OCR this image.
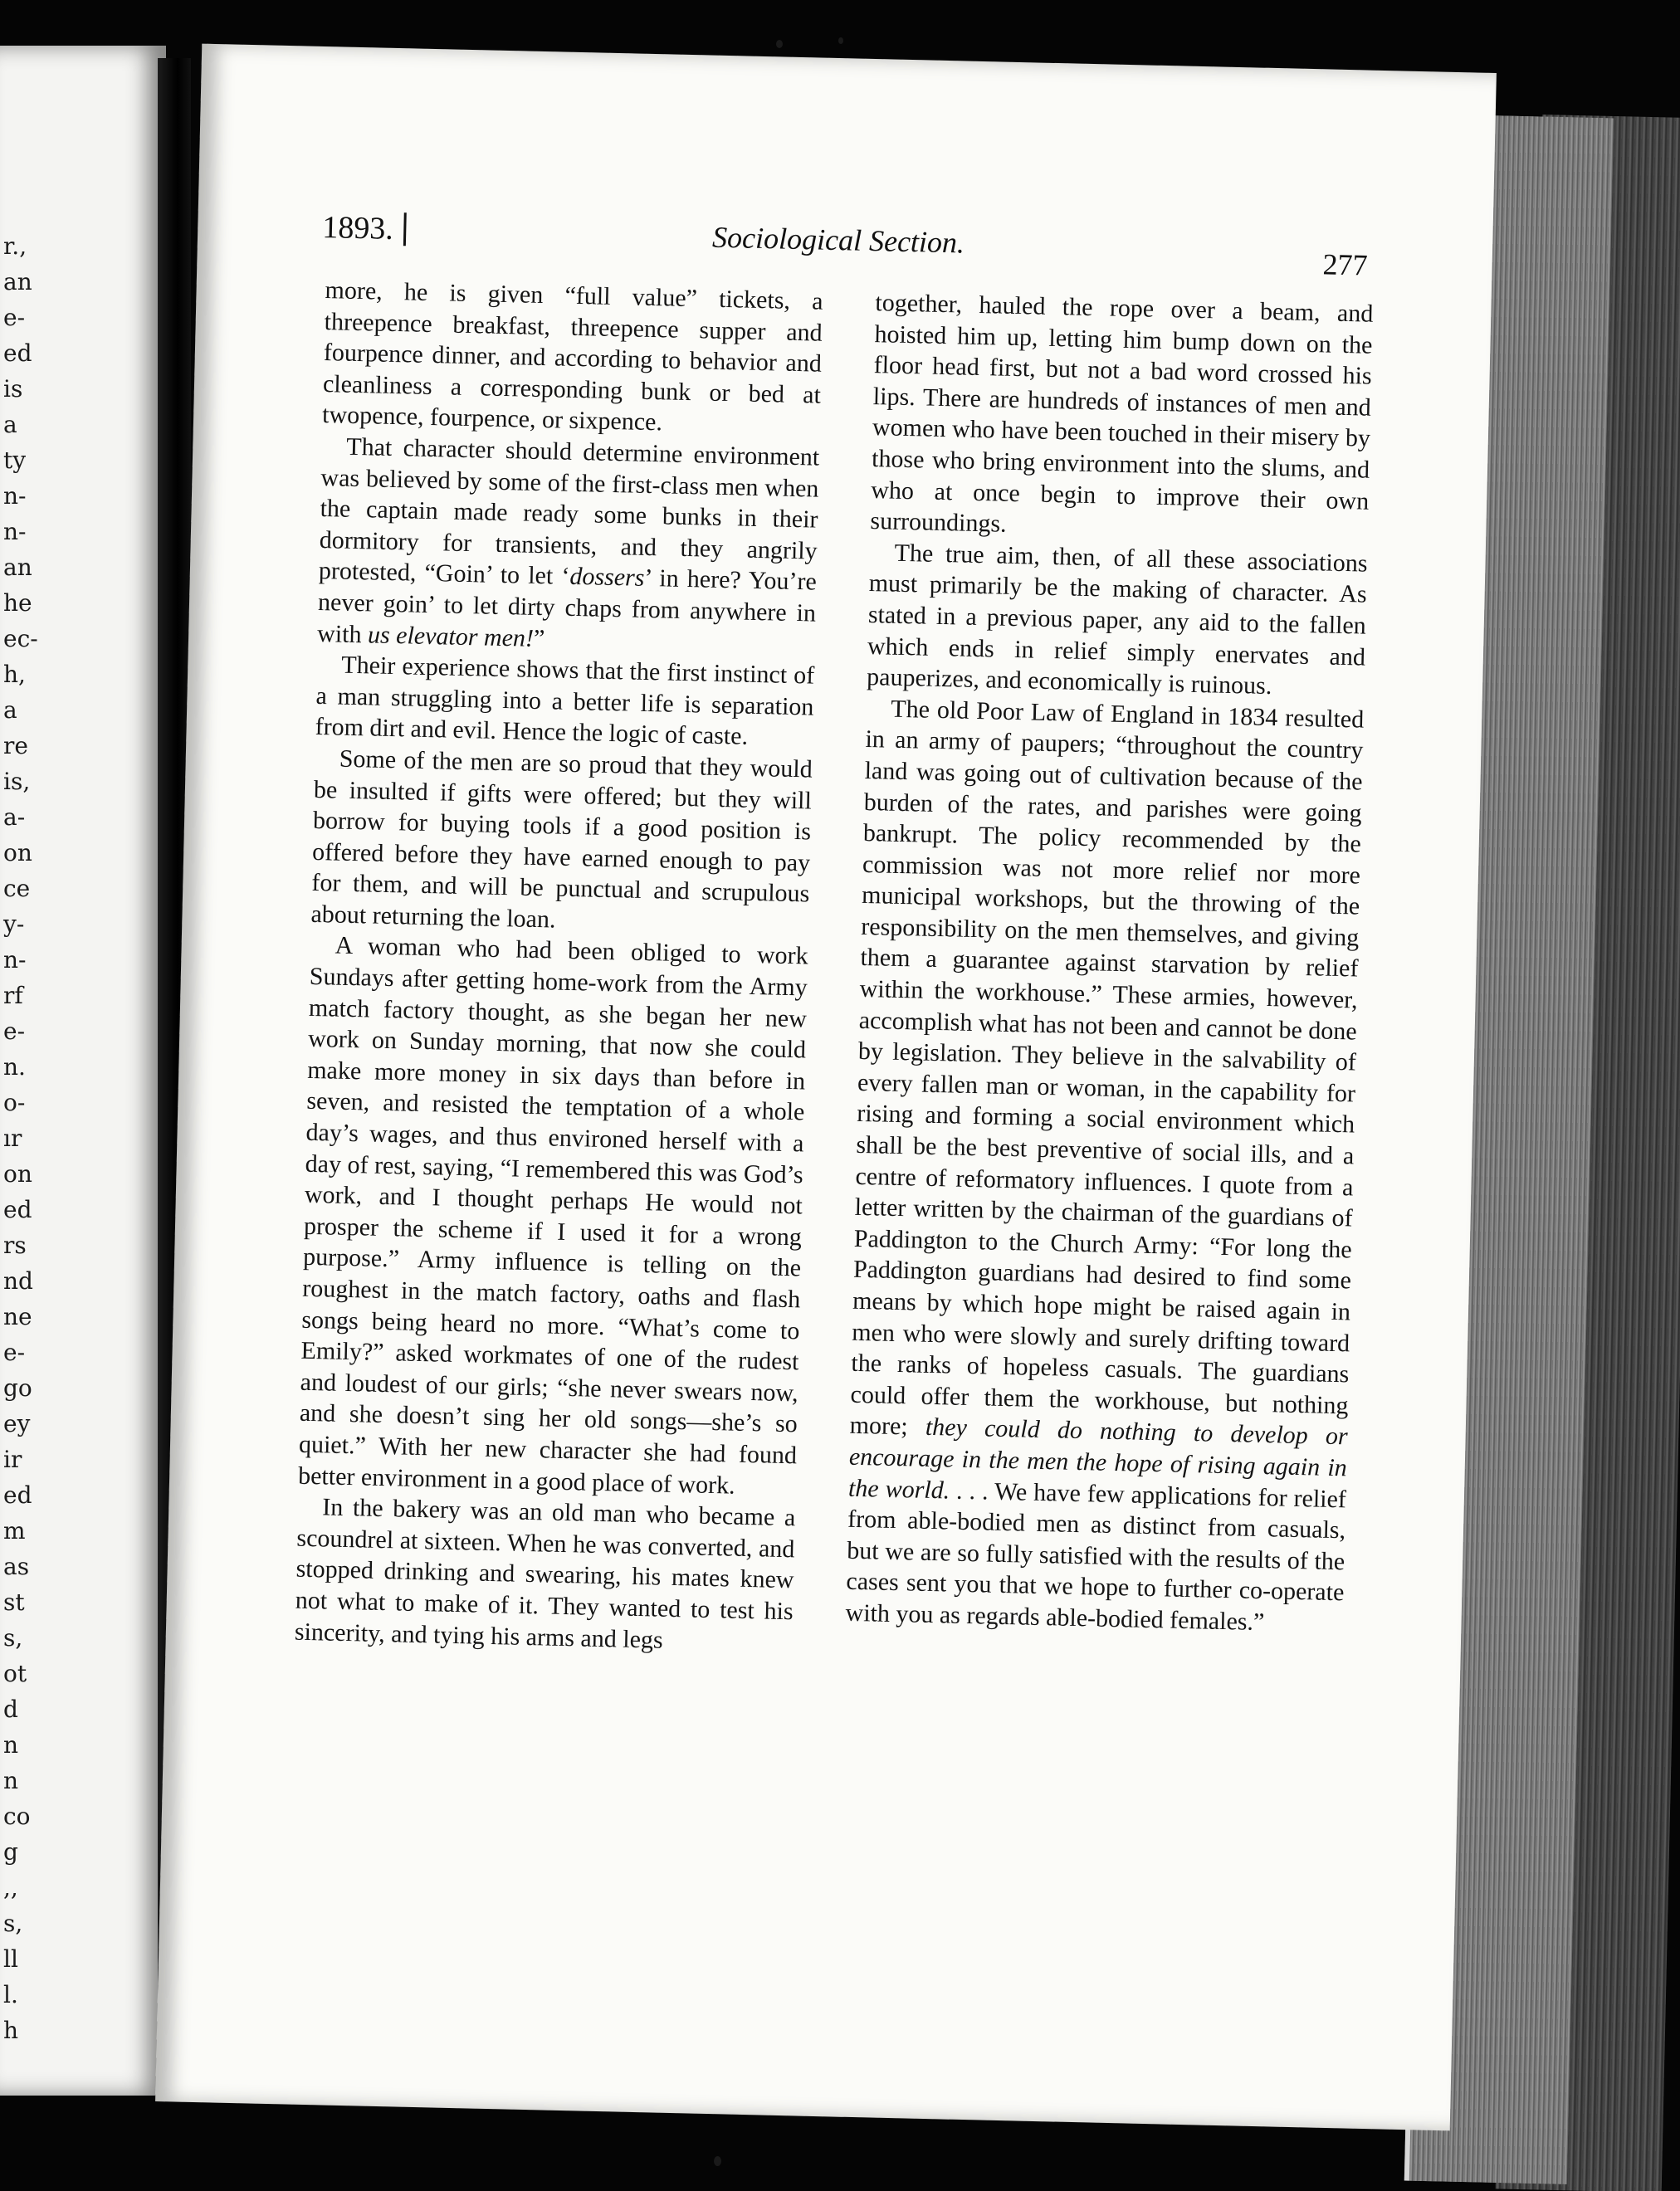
r.,
an
e-
ed
is
a
ty
n-
n-
an
he
ec-
h,
a
re
is,
a-
on
ce
y-
n-
rf
e-
n.
o-
ır
on
ed
rs
nd
ne
e-
go
ey
ir
ed
m
as
st
s,
ot
d
n
n
co
g
,,
s,
ll
l.
h
1893.	Sociological Section.
277

more, he is given “full value” tickets, a threepence breakfast, threepence supper and fourpence dinner, and according to behavior and cleanliness a corresponding bunk or bed at twopence, fourpence, or sixpence.

That character should determine environment was believed by some of the first-class men when the captain made ready some bunks in their dormitory for transients, and they angrily protested, “Goin’ to let ‘dossers’ in here? You’re never goin’ to let dirty chaps from anywhere in with us elevator men!”

Their experience shows that the first instinct of a man struggling into a better life is separation from dirt and evil. Hence the logic of caste.

Some of the men are so proud that they would be insulted if gifts were offered; but they will borrow for buying tools if a good position is offered before they have earned enough to pay for them, and will be punctual and scrupulous about returning the loan.

A woman who had been obliged to work Sundays after getting home-work from the Army match factory thought, as she began her new work on Sunday morning, that now she could make more money in six days than before in seven, and resisted the temptation of a whole day’s wages, and thus environed herself with a day of rest, saying, “I remembered this was God’s work, and I thought perhaps He would not prosper the scheme if I used it for a wrong purpose.” Army influence is telling on the roughest in the match factory, oaths and flash songs being heard no more. “What’s come to Emily?” asked workmates of one of the rudest and loudest of our girls; “she never swears now, and she doesn’t sing her old songs—she’s so quiet.” With her new character she had found better environment in a good place of work.

In the bakery was an old man who became a scoundrel at sixteen. When he was converted, and stopped drinking and swearing, his mates knew not what to make of it. They wanted to test his sincerity, and tying his arms and legs

together, hauled the rope over a beam, and hoisted him up, letting him bump down on the floor head first, but not a bad word crossed his lips. There are hundreds of instances of men and women who have been touched in their misery by those who bring environment into the slums, and who at once begin to improve their own surroundings.

The true aim, then, of all these associations must primarily be the making of character. As stated in a previous paper, any aid to the fallen which ends in relief simply enervates and pauperizes, and economically is ruinous.

The old Poor Law of England in 1834 resulted in an army of paupers; “throughout the country land was going out of cultivation because of the burden of the rates, and parishes were going bankrupt. The policy recommended by the commission was not more relief nor more municipal workshops, but the throwing of the responsibility on the men themselves, and giving them a guarantee against starvation by relief within the workhouse.” These armies, however, accomplish what has not been and cannot be done by legislation. They believe in the salvability of every fallen man or woman, in the capability for rising and forming a social environment which shall be the best preventive of social ills, and a centre of reformatory influences. I quote from a letter written by the chairman of the guardians of Paddington to the Church Army: “For long the Paddington guardians had desired to find some means by which hope might be raised again in men who were slowly and surely drifting toward the ranks of hopeless casuals. The guardians could offer them the workhouse, but nothing more; they could do nothing to develop or encourage in the men the hope of rising again in the world. . . . We have few applications for relief from able-bodied men as distinct from casuals, but we are so fully satisfied with the results of the cases sent you that we hope to further co-operate with you as regards able-bodied females.”
